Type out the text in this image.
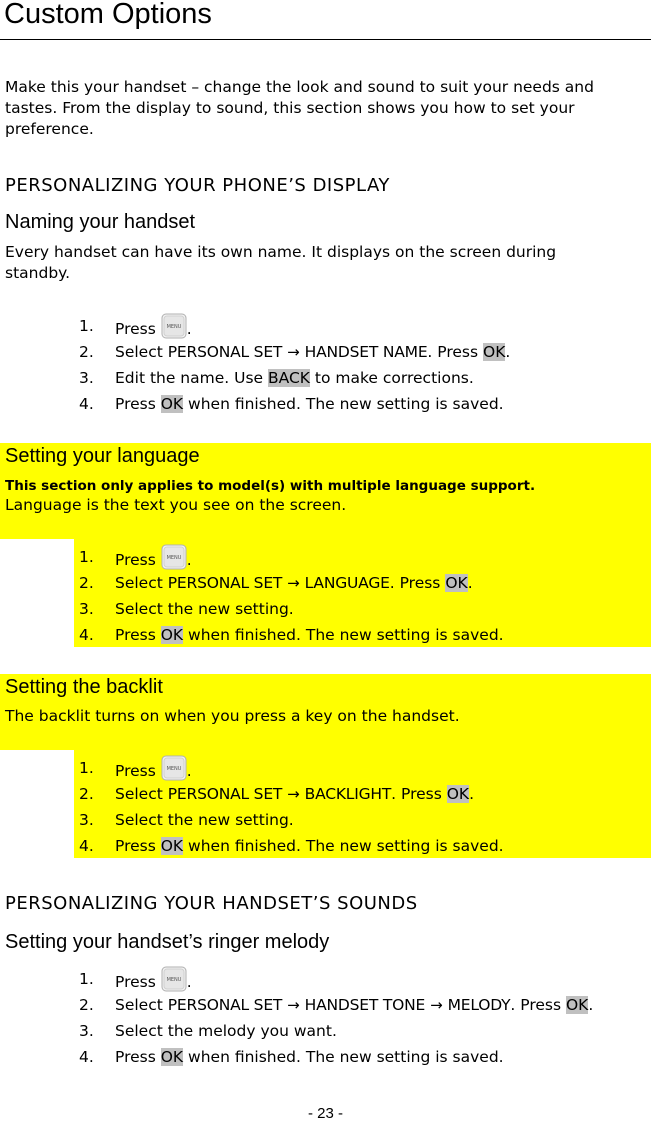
Custom Options
Make this your handset – change the look and sound to suit your needs and
tastes. From the display to sound, this section shows you how to set your
preference.
PERSONALIZING YOUR PHONE’S DISPLAY
Naming your handset
Every handset can have its own name. It displays on the screen during
standby.
1. Press MENU .
2. Select PERSONAL SET → HANDSET NAME. Press OK.
3. Edit the name. Use BACK to make corrections.
4. Press OK when finished. The new setting is saved.
Setting your language
This section only applies to model(s) with multiple language support.
Language is the text you see on the screen.
1. Press MENU .
2. Select PERSONAL SET → LANGUAGE. Press OK.
3. Select the new setting.
4. Press OK when finished. The new setting is saved.
Setting the backlit
The backlit turns on when you press a key on the handset.
1. Press MENU .
2. Select PERSONAL SET → BACKLIGHT. Press OK.
3. Select the new setting.
4. Press OK when finished. The new setting is saved.
PERSONALIZING YOUR HANDSET’S SOUNDS
Setting your handset’s ringer melody
1. Press MENU .
2. Select PERSONAL SET → HANDSET TONE → MELODY. Press OK.
3. Select the melody you want.
4. Press OK when finished. The new setting is saved.
- 23 -
